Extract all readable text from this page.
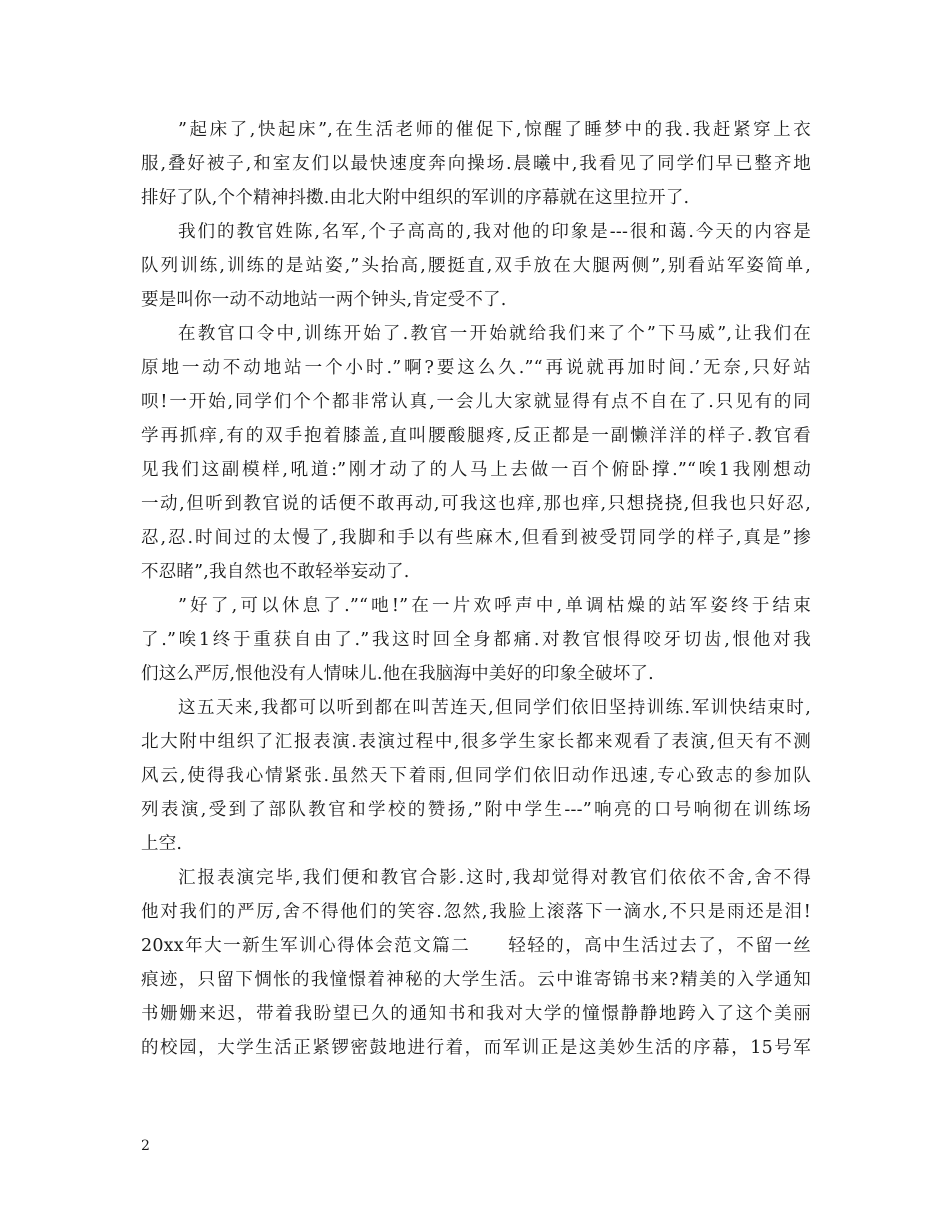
”起床了,快起床”,在生活老师的催促下,惊醒了睡梦中的我.我赶紧穿上衣
服,叠好被子,和室友们以最快速度奔向操场.晨曦中,我看见了同学们早已整齐地
排好了队,个个精神抖擞.由北大附中组织的军训的序幕就在这里拉开了.
我们的教官姓陈,名军,个子高高的,我对他的印象是---很和蔼.今天的内容是
队列训练,训练的是站姿,”头抬高,腰挺直,双手放在大腿两侧”,别看站军姿简单,
要是叫你一动不动地站一两个钟头,肯定受不了.
在教官口令中,训练开始了.教官一开始就给我们来了个”下马威”,让我们在
原地一动不动地站一个小时.”啊?要这么久.”“再说就再加时间.’无奈,只好站
呗!一开始,同学们个个都非常认真,一会儿大家就显得有点不自在了.只见有的同
学再抓痒,有的双手抱着膝盖,直叫腰酸腿疼,反正都是一副懒洋洋的样子.教官看
见我们这副模样,吼道:”刚才动了的人马上去做一百个俯卧撑.”“唉1我刚想动
一动,但听到教官说的话便不敢再动,可我这也痒,那也痒,只想挠挠,但我也只好忍,
忍,忍.时间过的太慢了,我脚和手以有些麻木,但看到被受罚同学的样子,真是”掺
不忍睹”,我自然也不敢轻举妄动了.
”好了,可以休息了.”“吔!”在一片欢呼声中,单调枯燥的站军姿终于结束
了.”唉1终于重获自由了.”我这时回全身都痛.对教官恨得咬牙切齿,恨他对我
们这么严厉,恨他没有人情味儿.他在我脑海中美好的印象全破坏了.
这五天来,我都可以听到都在叫苦连天,但同学们依旧坚持训练.军训快结束时,
北大附中组织了汇报表演.表演过程中,很多学生家长都来观看了表演,但天有不测
风云,使得我心情紧张.虽然天下着雨,但同学们依旧动作迅速,专心致志的参加队
列表演,受到了部队教官和学校的赞扬,”附中学生---”响亮的口号响彻在训练场
上空.
汇报表演完毕,我们便和教官合影.这时,我却觉得对教官们依依不舍,舍不得
他对我们的严厉,舍不得他们的笑容.忽然,我脸上滚落下一滴水,不只是雨还是泪!
20xx年大一新生军训心得体会范文篇二　　轻轻的，高中生活过去了，不留一丝
痕迹，只留下惆怅的我憧憬着神秘的大学生活。云中谁寄锦书来?精美的入学通知
书姗姗来迟，带着我盼望已久的通知书和我对大学的憧憬静静地跨入了这个美丽
的校园，大学生活正紧锣密鼓地进行着，而军训正是这美妙生活的序幕，15号军
2
